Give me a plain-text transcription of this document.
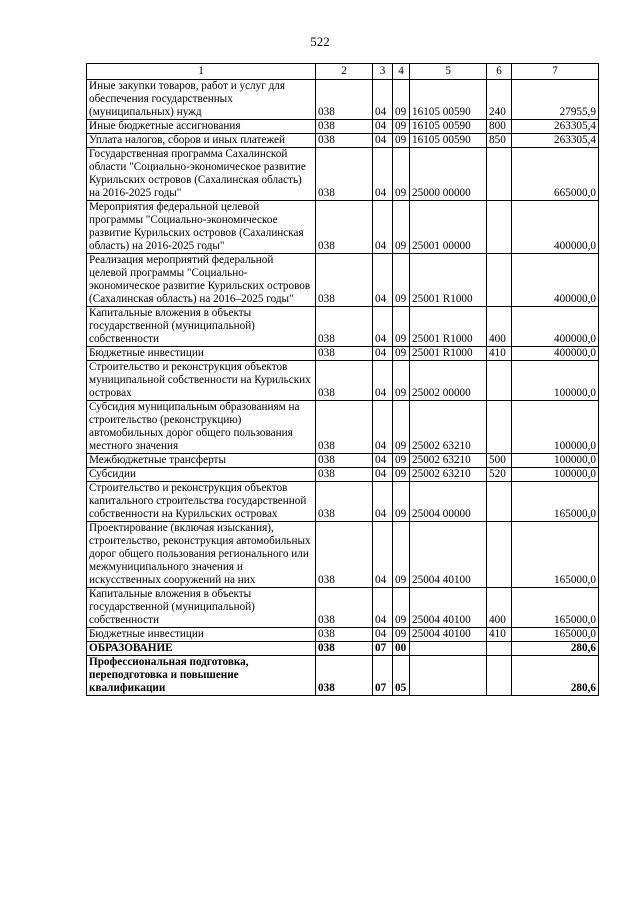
522
1	2	3	4	5	6	7
Иные закупки товаров, работ и услуг для обеспечения государственных (муниципальных) нужд	038	04	09	16105 00590	240	27955,9
Иные бюджетные ассигнования	038	04	09	16105 00590	800	263305,4
Уплата налогов, сборов и иных платежей	038	04	09	16105 00590	850	263305,4
Государственная программа Сахалинской области "Социально-экономическое развитие Курильских островов (Сахалинская область) на 2016-2025 годы"	038	04	09	25000 00000		665000,0
Мероприятия федеральной целевой программы "Социально-экономическое развитие Курильских островов (Сахалинская область) на 2016-2025 годы"	038	04	09	25001 00000		400000,0
Реализация мероприятий федеральной целевой программы "Социально-экономическое развитие Курильских островов (Сахалинская область) на 2016–2025 годы"	038	04	09	25001 R1000		400000,0
Капитальные вложения в объекты государственной (муниципальной) собственности	038	04	09	25001 R1000	400	400000,0
Бюджетные инвестиции	038	04	09	25001 R1000	410	400000,0
Строительство и реконструкция объектов муниципальной собственности на Курильских островах	038	04	09	25002 00000		100000,0
Субсидия муниципальным образованиям на строительство (реконструкцию) автомобильных дорог общего пользования местного значения	038	04	09	25002 63210		100000,0
Межбюджетные трансферты	038	04	09	25002 63210	500	100000,0
Субсидии	038	04	09	25002 63210	520	100000,0
Строительство и реконструкция объектов капитального строительства государственной собственности на Курильских островах	038	04	09	25004 00000		165000,0
Проектирование (включая изыскания), строительство, реконструкция автомобильных дорог общего пользования регионального или межмуниципального значения и искусственных сооружений на них	038	04	09	25004 40100		165000,0
Капитальные вложения в объекты государственной (муниципальной) собственности	038	04	09	25004 40100	400	165000,0
Бюджетные инвестиции	038	04	09	25004 40100	410	165000,0
ОБРАЗОВАНИЕ	038	07	00			280,6
Профессиональная подготовка, переподготовка и повышение квалификации	038	07	05			280,6
